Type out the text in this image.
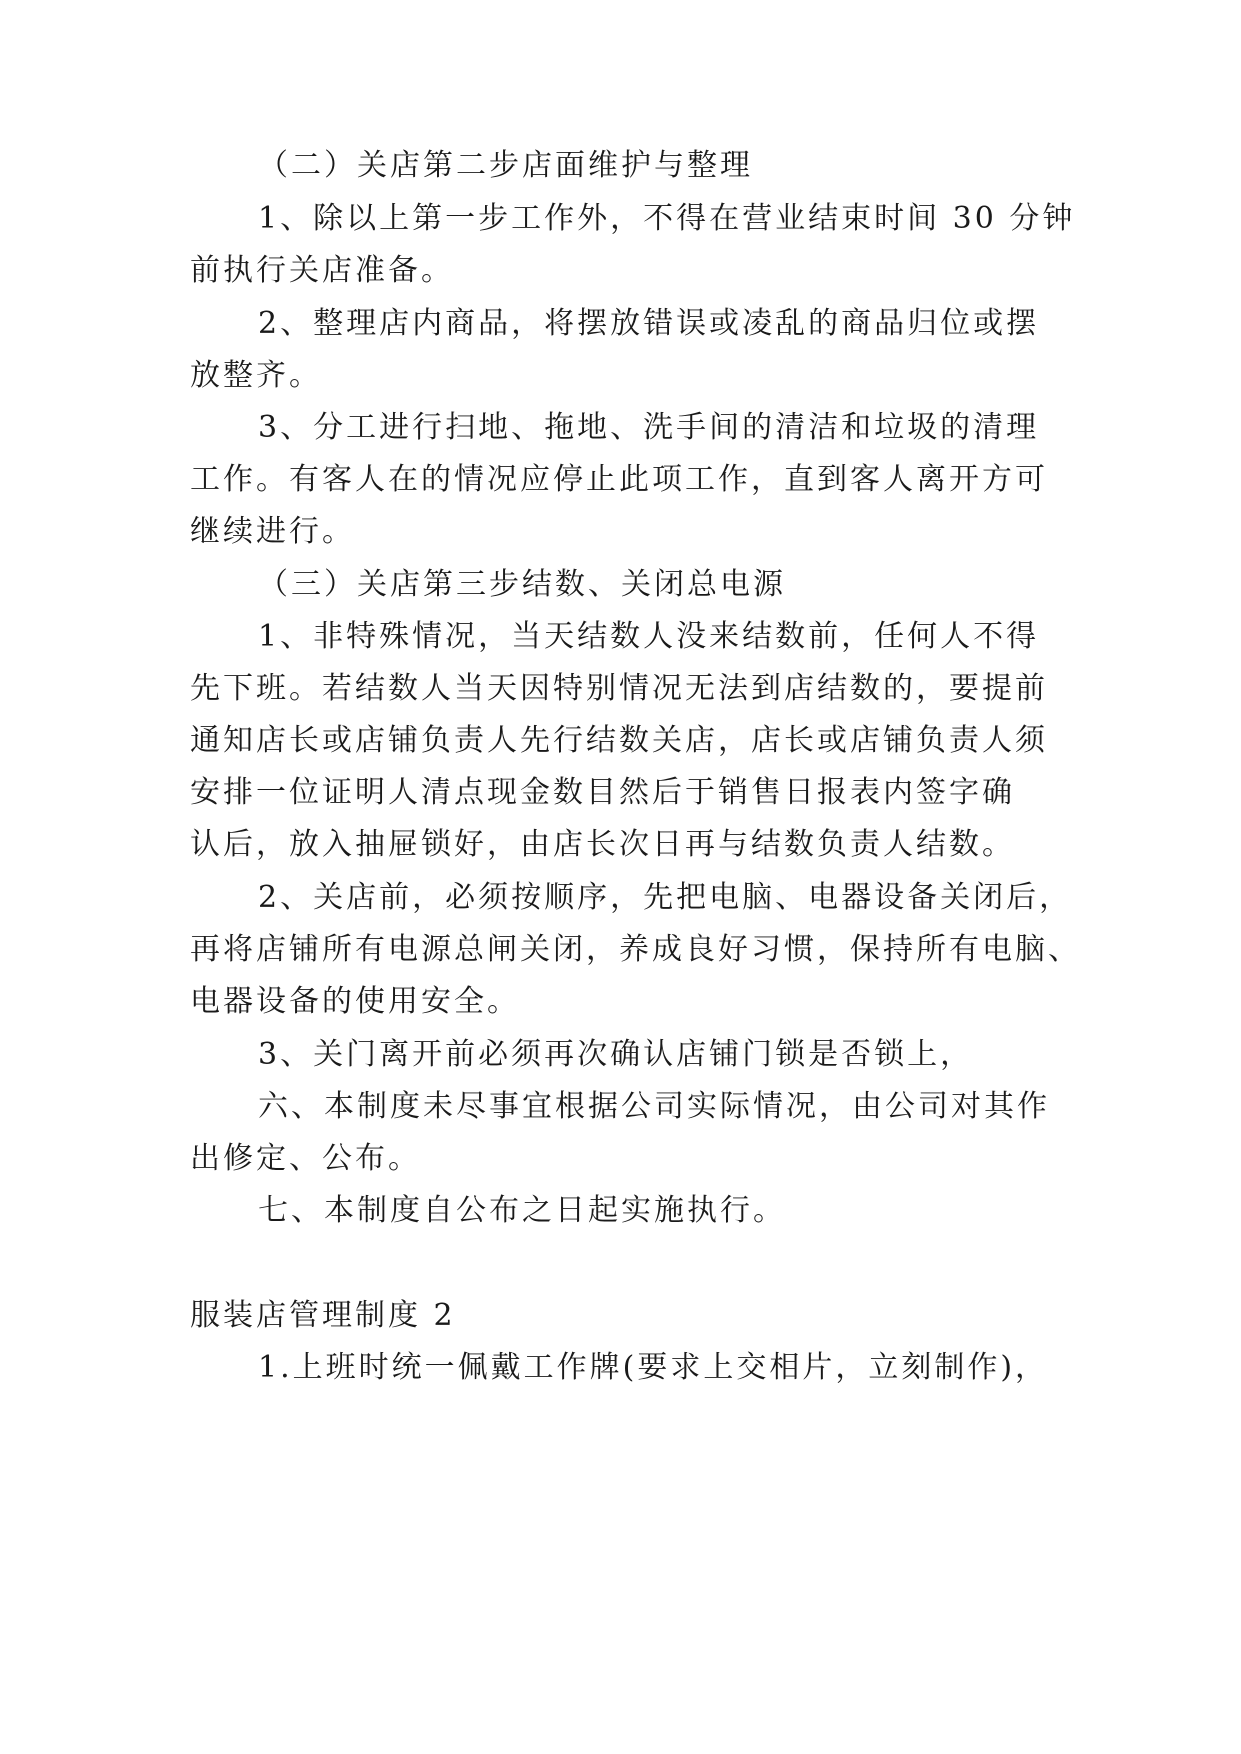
（二）关店第二步店面维护与整理
1、除以上第一步工作外，不得在营业结束时间 30 分钟
前执行关店准备。
2、整理店内商品，将摆放错误或凌乱的商品归位或摆
放整齐。
3、分工进行扫地、拖地、洗手间的清洁和垃圾的清理
工作。有客人在的情况应停止此项工作，直到客人离开方可
继续进行。
（三）关店第三步结数、关闭总电源
1、非特殊情况，当天结数人没来结数前，任何人不得
先下班。若结数人当天因特别情况无法到店结数的，要提前
通知店长或店铺负责人先行结数关店，店长或店铺负责人须
安排一位证明人清点现金数目然后于销售日报表内签字确
认后，放入抽屉锁好，由店长次日再与结数负责人结数。
2、关店前，必须按顺序，先把电脑、电器设备关闭后，
再将店铺所有电源总闸关闭，养成良好习惯，保持所有电脑、
电器设备的使用安全。
3、关门离开前必须再次确认店铺门锁是否锁上，
六、本制度未尽事宜根据公司实际情况，由公司对其作
出修定、公布。
七、本制度自公布之日起实施执行。
服装店管理制度 2
1.上班时统一佩戴工作牌(要求上交相片，立刻制作)，
